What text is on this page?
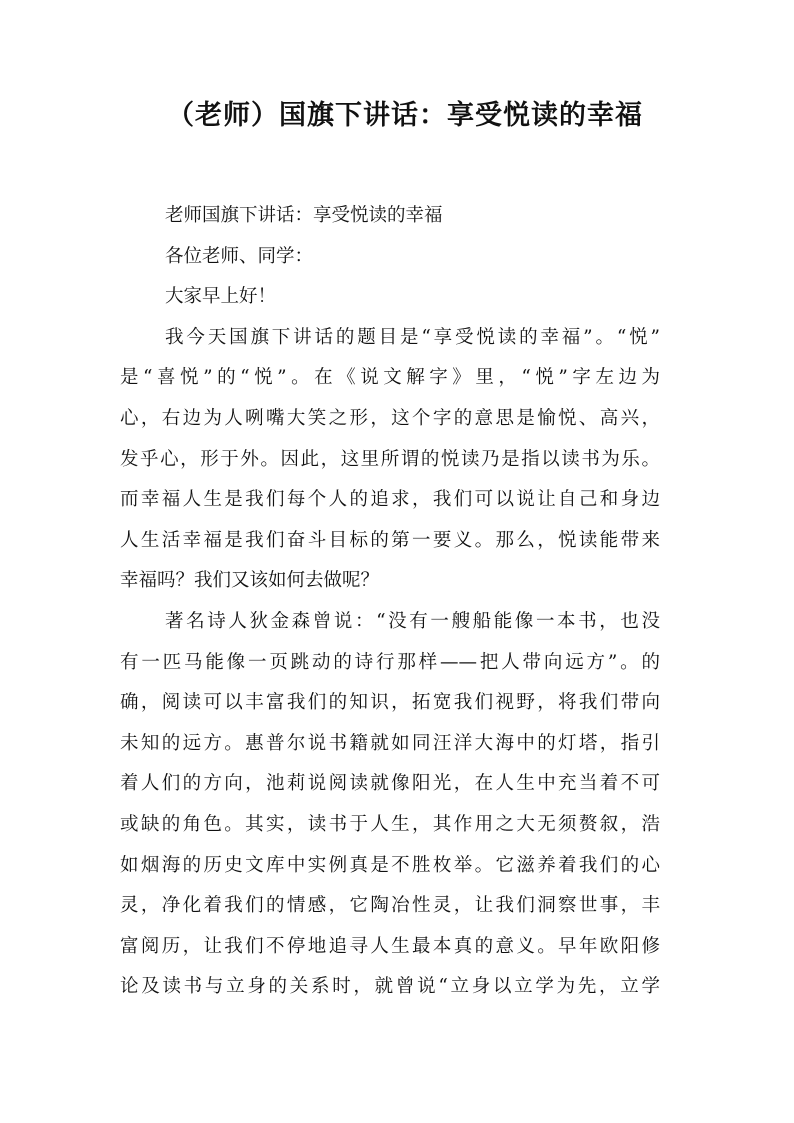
（老师）国旗下讲话：享受悦读的幸福
老师国旗下讲话：享受悦读的幸福
各位老师、同学：
大家早上好！
我今天国旗下讲话的题目是“享受悦读的幸福”。“悦”
是“喜悦”的“悦”。在《说文解字》里，“悦”字左边为
心，右边为人咧嘴大笑之形，这个字的意思是愉悦、高兴，
发乎心，形于外。因此，这里所谓的悦读乃是指以读书为乐。
而幸福人生是我们每个人的追求，我们可以说让自己和身边
人生活幸福是我们奋斗目标的第一要义。那么，悦读能带来
幸福吗？我们又该如何去做呢？
著名诗人狄金森曾说：“没有一艘船能像一本书，也没
有一匹马能像一页跳动的诗行那样——把人带向远方”。的
确，阅读可以丰富我们的知识，拓宽我们视野，将我们带向
未知的远方。惠普尔说书籍就如同汪洋大海中的灯塔，指引
着人们的方向，池莉说阅读就像阳光，在人生中充当着不可
或缺的角色。其实，读书于人生，其作用之大无须赘叙，浩
如烟海的历史文库中实例真是不胜枚举。它滋养着我们的心
灵，净化着我们的情感，它陶冶性灵，让我们洞察世事，丰
富阅历，让我们不停地追寻人生最本真的意义。早年欧阳修
论及读书与立身的关系时，就曾说“立身以立学为先，立学
